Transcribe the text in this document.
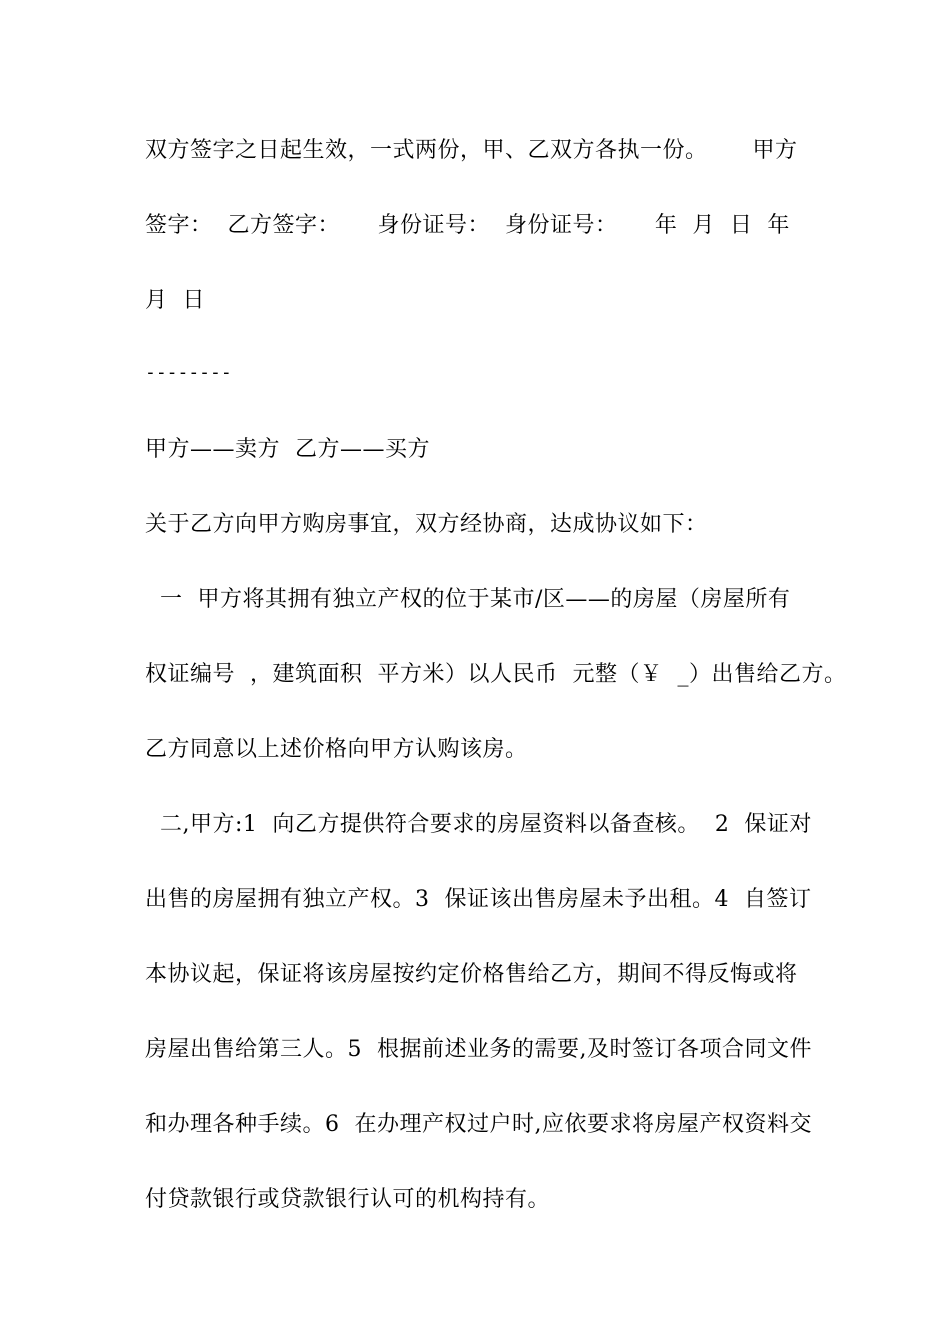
双方签字之日起生效，一式两份，甲、乙双方各执一份。      甲方
签字：  乙方签字：     身份证号：  身份证号：     年  月  日  年
月  日
--------
甲方——卖方  乙方——买方
关于乙方向甲方购房事宜，双方经协商，达成协议如下：
一  甲方将其拥有独立产权的位于某市/区——的房屋（房屋所有
权证编号  ，建筑面积  平方米）以人民币  元整（￥  _）出售给乙方。
乙方同意以上述价格向甲方认购该房。
二,甲方:1  向乙方提供符合要求的房屋资料以备查核。  2  保证对
出售的房屋拥有独立产权。3  保证该出售房屋未予出租。4  自签订
本协议起，保证将该房屋按约定价格售给乙方，期间不得反悔或将
房屋出售给第三人。5  根据前述业务的需要,及时签订各项合同文件
和办理各种手续。6  在办理产权过户时,应依要求将房屋产权资料交
付贷款银行或贷款银行认可的机构持有。
